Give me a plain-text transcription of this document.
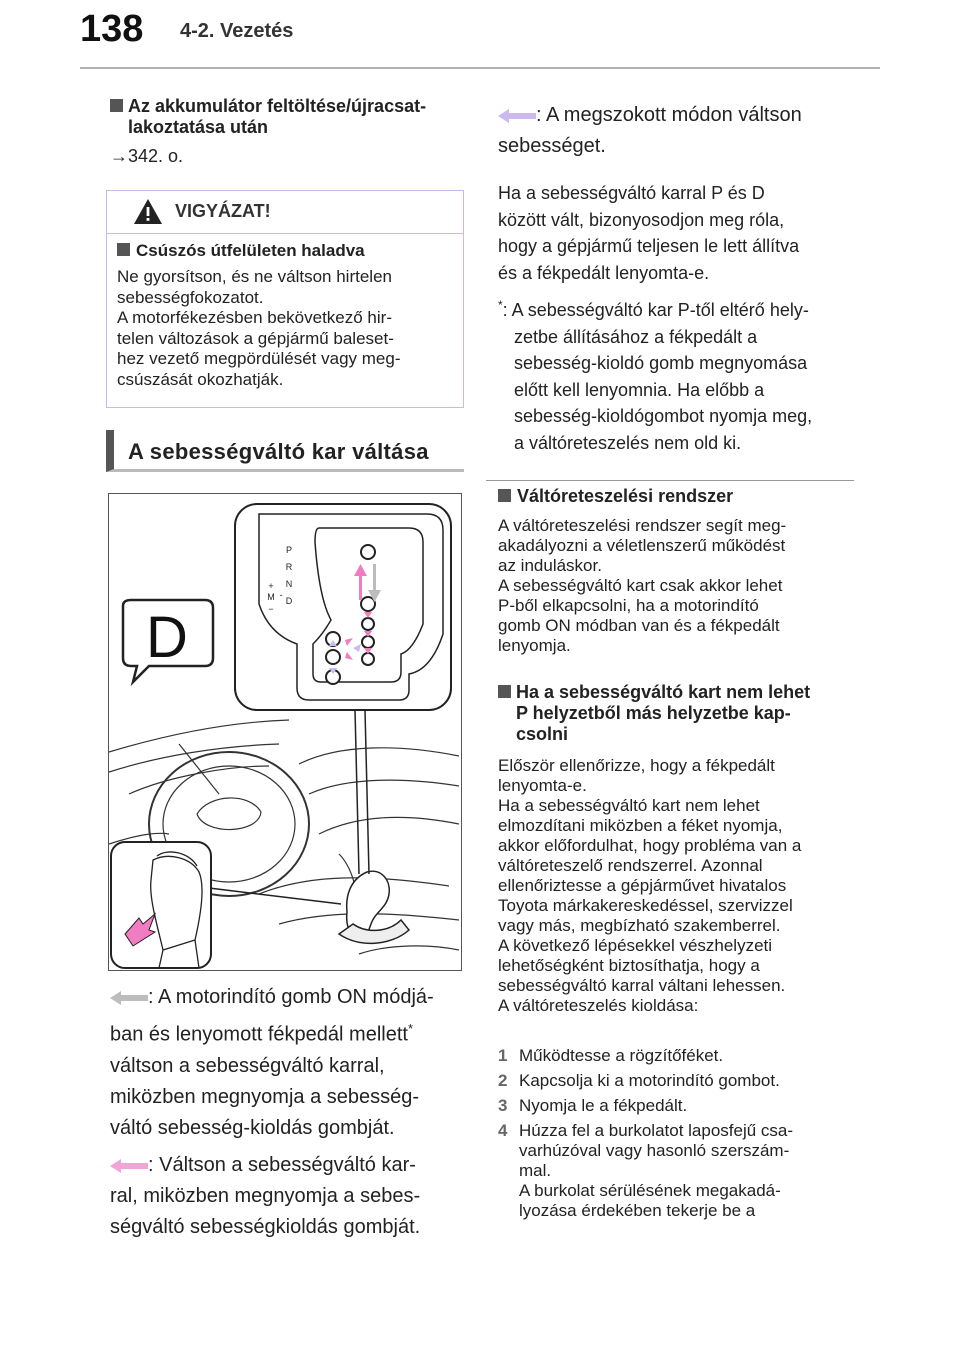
138 4-2. Vezetés
Az akkumulátor feltöltése/újracsat-
lakoztatása után
→342. o.
VIGYÁZAT!
Csúszós útfelületen haladva
Ne gyorsítson, és ne váltson hirtelen
sebességfokozatot.
A motorfékezésben bekövetkező hir-
telen változások a gépjármű baleset-
hez vezető megpördülését vagy meg-
csúszását okozhatják.
A sebességváltó kar váltása
P
R
N
D
+
M -
−
D
: A motorindító gomb ON módjá-
ban és lenyomott fékpedál mellett*
váltson a sebességváltó karral,
miközben megnyomja a sebesség-
váltó sebesség-kioldás gombját.
: Váltson a sebességváltó kar-
ral, miközben megnyomja a sebes-
ségváltó sebességkioldás gombját.
: A megszokott módon váltson
sebességet.
Ha a sebességváltó karral P és D
között vált, bizonyosodjon meg róla,
hogy a gépjármű teljesen le lett állítva
és a fékpedált lenyomta-e.
*: A sebességváltó kar P-től eltérő hely-
zetbe állításához a fékpedált a
sebesség-kioldó gomb megnyomása
előtt kell lenyomnia. Ha előbb a
sebesség-kioldógombot nyomja meg,
a váltóreteszelés nem old ki.
Váltóreteszelési rendszer
A váltóreteszelési rendszer segít meg-
akadályozni a véletlenszerű működést
az induláskor.
A sebességváltó kart csak akkor lehet
P-ből elkapcsolni, ha a motorindító
gomb ON módban van és a fékpedált
lenyomja.
Ha a sebességváltó kart nem lehet
P helyzetből más helyzetbe kap-
csolni
Először ellenőrizze, hogy a fékpedált
lenyomta-e.
Ha a sebességváltó kart nem lehet
elmozdítani miközben a féket nyomja,
akkor előfordulhat, hogy probléma van a
váltóreteszelő rendszerrel. Azonnal
ellenőriztesse a gépjárművet hivatalos
Toyota márkakereskedéssel, szervizzel
vagy más, megbízható szakemberrel.
A következő lépésekkel vészhelyzeti
lehetőségként biztosíthatja, hogy a
sebességváltó karral váltani lehessen.
A váltóreteszelés kioldása:
1 Működtesse a rögzítőféket.
2 Kapcsolja ki a motorindító gombot.
3 Nyomja le a fékpedált.
4 Húzza fel a burkolatot laposfejű csa-
varhúzóval vagy hasonló szerszám-
mal.
A burkolat sérülésének megakadá-
lyozása érdekében tekerje be a
